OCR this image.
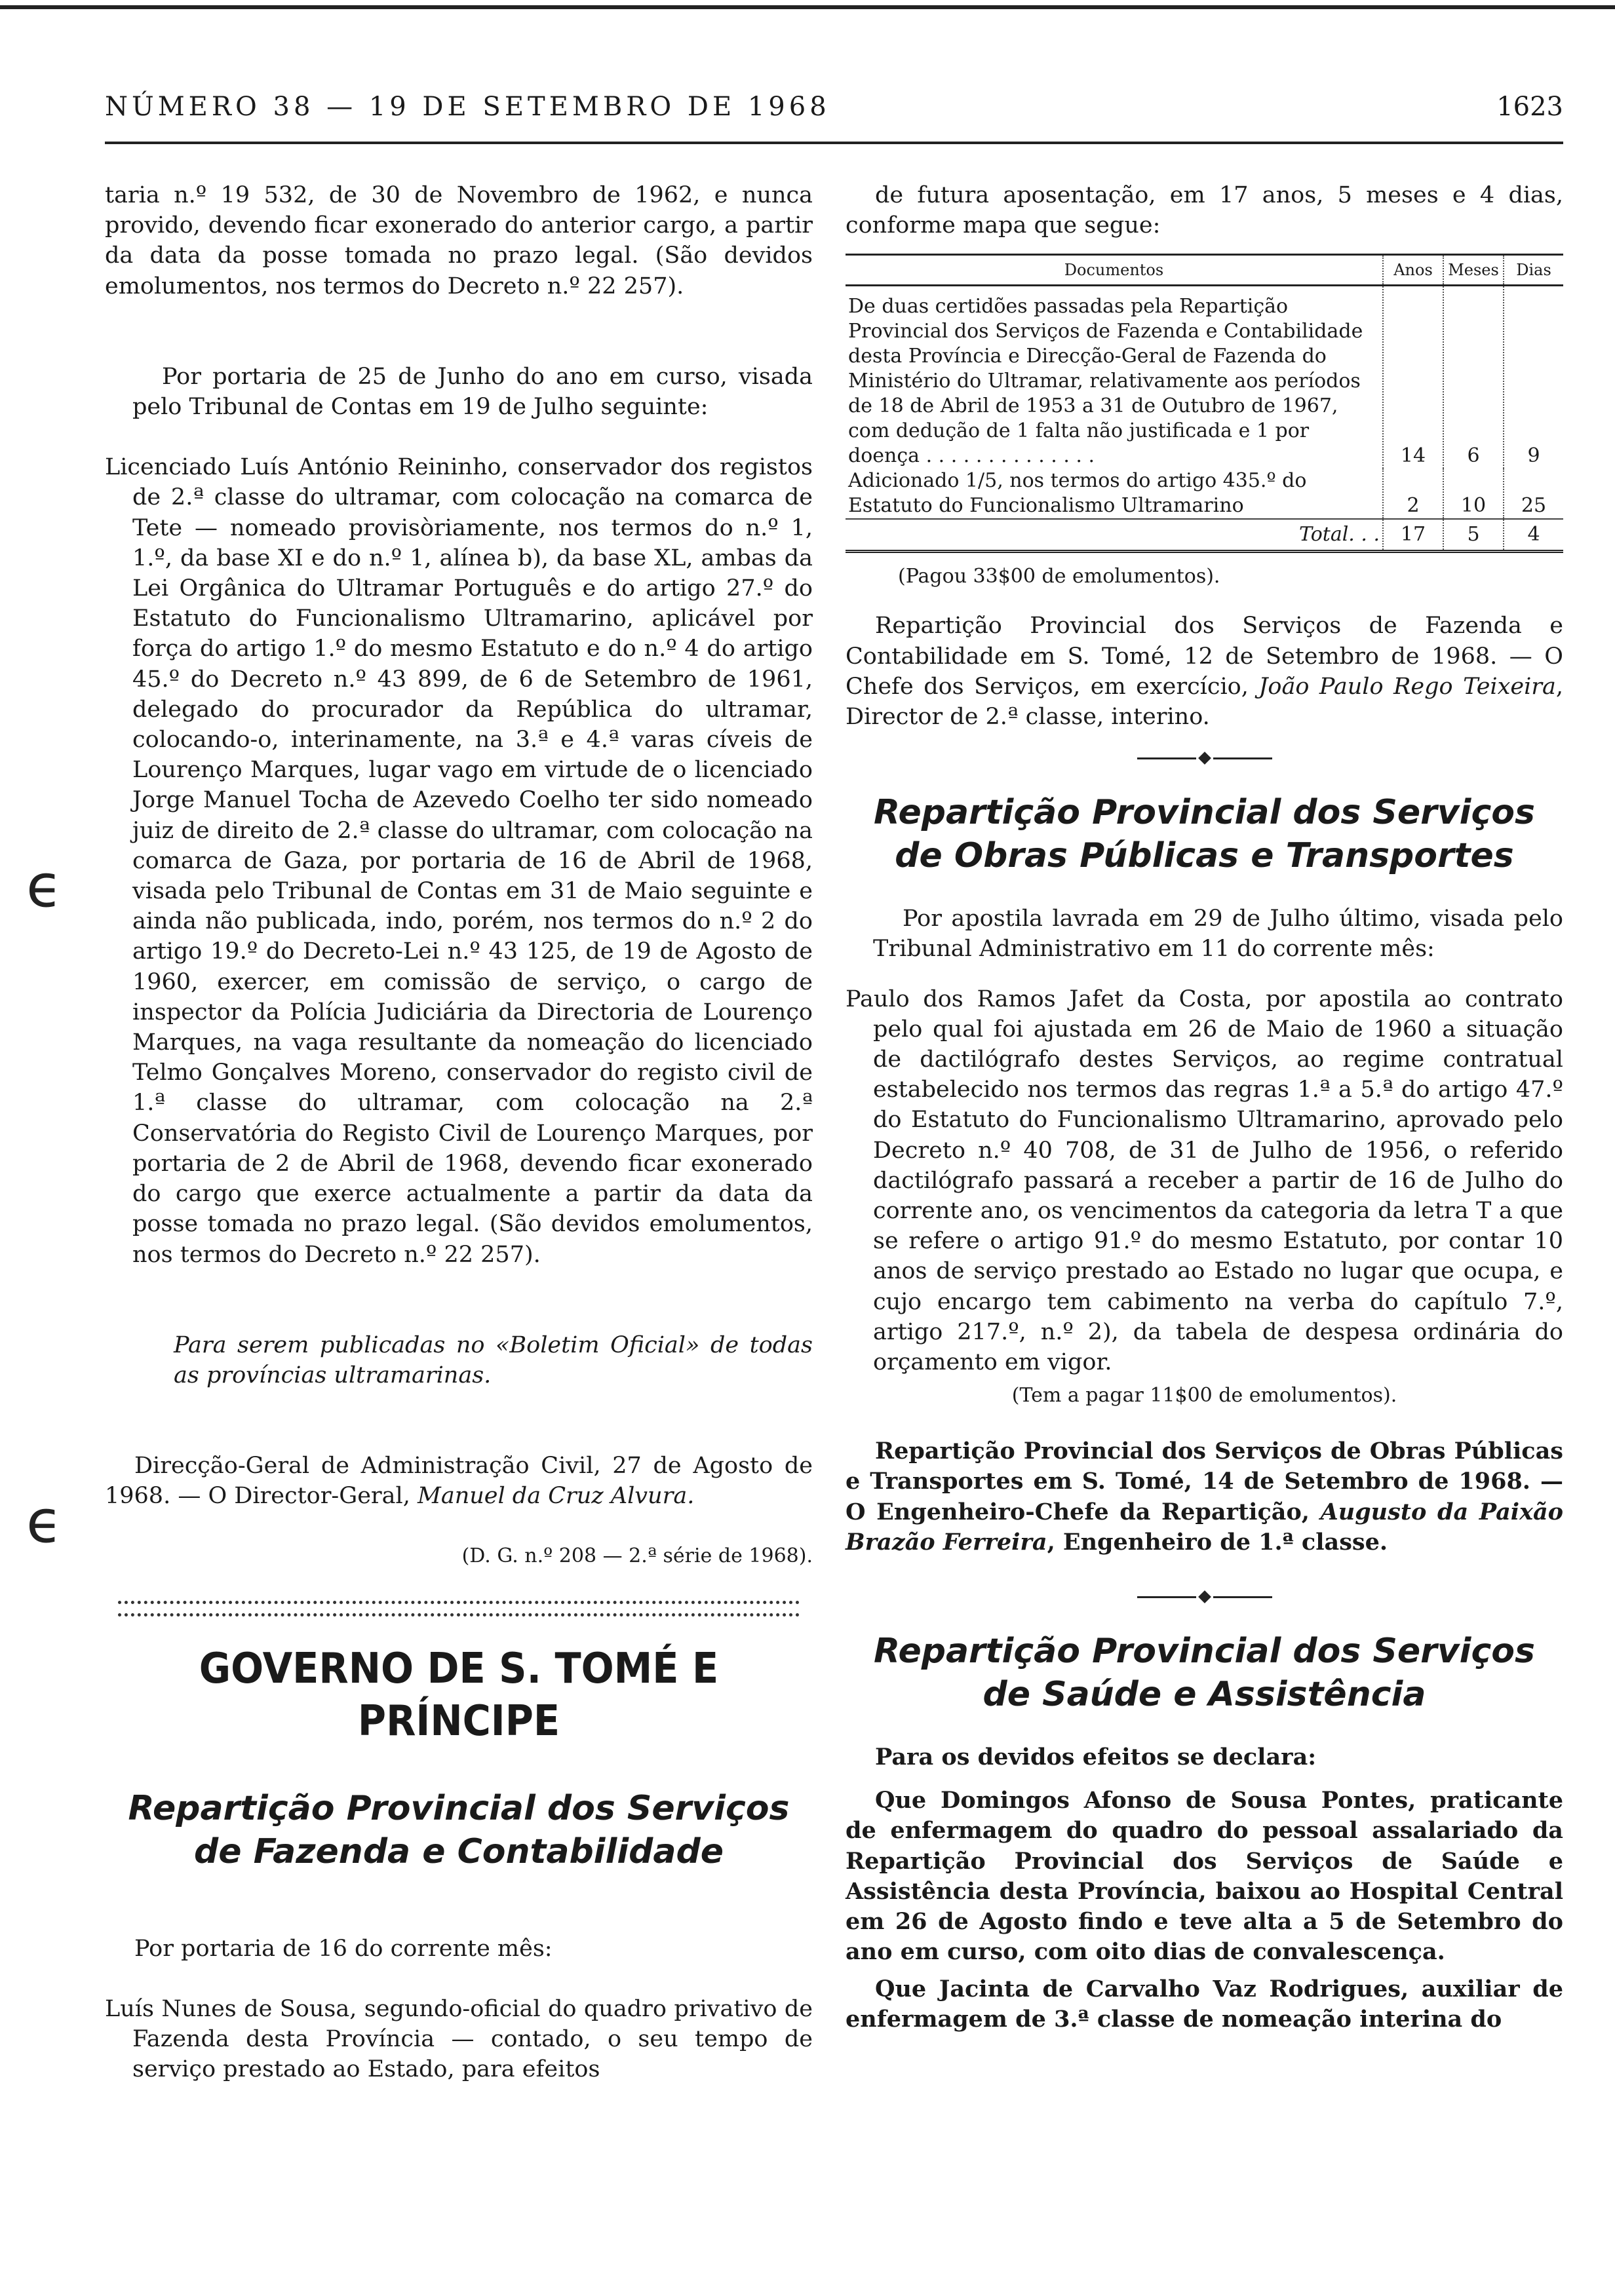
NÚMERO 38 — 19 DE SETEMBRO DE 1968	1623
ϵ
ϵ

taria n.º 19 532, de 30 de Novembro de 1962, e nunca provido, devendo ficar exonerado do anterior cargo, a partir da data da posse tomada no prazo legal. (São devidos emolumentos, nos termos do Decreto n.º 22 257).

Por portaria de 25 de Junho do ano em curso, visada pelo Tribunal de Contas em 19 de Julho seguinte:

Licenciado Luís António Reininho, conservador dos registos de 2.ª classe do ultramar, com colocação na comarca de Tete — nomeado provisòriamente, nos termos do n.º 1, 1.º, da base XI e do n.º 1, alínea b), da base XL, ambas da Lei Orgânica do Ultramar Português e do artigo 27.º do Estatuto do Funcionalismo Ultramarino, aplicável por força do artigo 1.º do mesmo Estatuto e do n.º 4 do artigo 45.º do Decreto n.º 43 899, de 6 de Setembro de 1961, delegado do procurador da República do ultramar, colocando-o, interinamente, na 3.ª e 4.ª varas cíveis de Lourenço Marques, lugar vago em virtude de o licenciado Jorge Manuel Tocha de Azevedo Coelho ter sido nomeado juiz de direito de 2.ª classe do ultramar, com colocação na comarca de Gaza, por portaria de 16 de Abril de 1968, visada pelo Tribunal de Contas em 31 de Maio seguinte e ainda não publicada, indo, porém, nos termos do n.º 2 do artigo 19.º do Decreto-Lei n.º 43 125, de 19 de Agosto de 1960, exercer, em comissão de serviço, o cargo de inspector da Polícia Judiciária da Directoria de Lourenço Marques, na vaga resultante da nomeação do licenciado Telmo Gonçalves Moreno, conservador do registo civil de 1.ª classe do ultramar, com colocação na 2.ª Conservatória do Registo Civil de Lourenço Marques, por portaria de 2 de Abril de 1968, devendo ficar exonerado do cargo que exerce actualmente a partir da data da posse tomada no prazo legal. (São devidos emolumentos, nos termos do Decreto n.º 22 257).

Para serem publicadas no «Boletim Oficial» de todas as províncias ultramarinas.

Direcção-Geral de Administração Civil, 27 de Agosto de 1968. — O Director-Geral, Manuel da Cruz Alvura.

(D. G. n.º 208 — 2.ª série de 1968).

GOVERNO DE S. TOMÉ E PRÍNCIPE

Repartição Provincial dos Serviços

de Fazenda e Contabilidade

Por portaria de 16 do corrente mês:

Luís Nunes de Sousa, segundo-oficial do quadro privativo de Fazenda desta Província — contado, o seu tempo de serviço prestado ao Estado, para efeitos

de futura aposentação, em 17 anos, 5 meses e 4 dias, conforme mapa que segue:

Documentos	Anos	Meses	Dias
De duas certidões passadas pela Repartição Provincial dos Serviços de Fazenda e Contabilidade desta Província e Direcção-Geral de Fazenda do Ministério do Ultramar, relativamente aos períodos de 18 de Abril de 1953 a 31 de Outubro de 1967, com dedução de 1 falta não justificada e 1 por doença . . . . . . . . . . . . . .	14	6	9
Adicionado 1/5, nos termos do artigo 435.º do Estatuto do Funcionalismo Ultramarino	2	10	25
Total. . .	17	5	4

(Pagou 33$00 de emolumentos).

Repartição Provincial dos Serviços de Fazenda e Contabilidade em S. Tomé, 12 de Setembro de 1968. — O Chefe dos Serviços, em exercício, João Paulo Rego Teixeira, Director de 2.ª classe, interino.

Repartição Provincial dos Serviços

de Obras Públicas e Transportes

Por apostila lavrada em 29 de Julho último, visada pelo Tribunal Administrativo em 11 do corrente mês:

Paulo dos Ramos Jafet da Costa, por apostila ao contrato pelo qual foi ajustada em 26 de Maio de 1960 a situação de dactilógrafo destes Serviços, ao regime contratual estabelecido nos termos das regras 1.ª a 5.ª do artigo 47.º do Estatuto do Funcionalismo Ultramarino, aprovado pelo Decreto n.º 40 708, de 31 de Julho de 1956, o referido dactilógrafo passará a receber a partir de 16 de Julho do corrente ano, os vencimentos da categoria da letra T a que se refere o artigo 91.º do mesmo Estatuto, por contar 10 anos de serviço prestado ao Estado no lugar que ocupa, e cujo encargo tem cabimento na verba do capítulo 7.º, artigo 217.º, n.º 2), da tabela de despesa ordinária do orçamento em vigor.

(Tem a pagar 11$00 de emolumentos).

Repartição Provincial dos Serviços de Obras Públicas e Transportes em S. Tomé, 14 de Setembro de 1968. — O Engenheiro-Chefe da Repartição, Augusto da Paixão Brazão Ferreira, Engenheiro de 1.ª classe.

Repartição Provincial dos Serviços

de Saúde e Assistência

Para os devidos efeitos se declara:

Que Domingos Afonso de Sousa Pontes, praticante de enfermagem do quadro do pessoal assalariado da Repartição Provincial dos Serviços de Saúde e Assistência desta Província, baixou ao Hospital Central em 26 de Agosto findo e teve alta a 5 de Setembro do ano em curso, com oito dias de convalescença.

Que Jacinta de Carvalho Vaz Rodrigues, auxiliar de enfermagem de 3.ª classe de nomeação interina do
